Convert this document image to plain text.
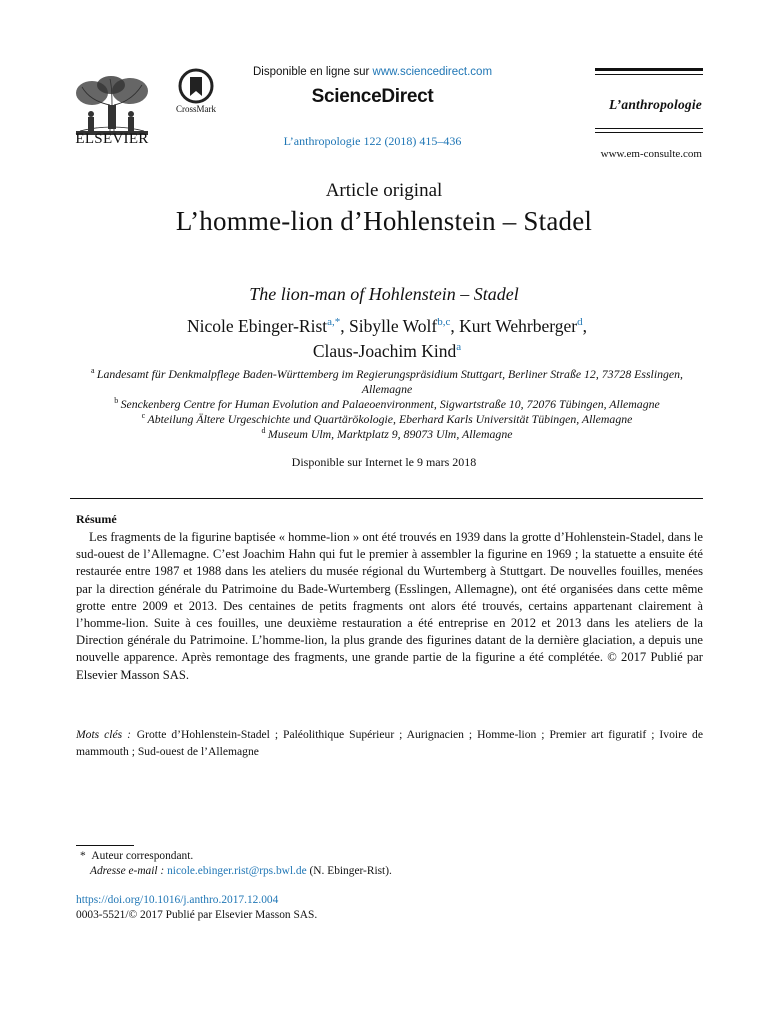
ELSEVIER
CrossMark
Disponible en ligne sur www.sciencedirect.com
ScienceDirect
L’anthropologie 122 (2018) 415–436
L’anthropologie
www.em-consulte.com
Article original
L’homme-lion d’Hohlenstein – Stadel
The lion-man of Hohlenstein – Stadel
Nicole Ebinger-Rist$^{a,*}$, Sibylle Wolf$^{b,c}$, Kurt Wehrberger$^d$,
Claus-Joachim Kind$^a$
$^a$  Landesamt für Denkmalpflege Baden-Württemberg im Regierungspräsidium Stuttgart, Berliner Straße 12, 73728 Esslingen, Allemagne
$^b$  Senckenberg Centre for Human Evolution and Palaeoenvironment, Sigwartstraße 10, 72076 Tübingen, Allemagne
$^c$  Abteilung Ältere Urgeschichte und Quartärökologie, Eberhard Karls Universität Tübingen, Allemagne
$^d$  Museum Ulm, Marktplatz 9, 89073 Ulm, Allemagne
Disponible sur Internet le 9 mars 2018
Résumé

Les fragments de la figurine baptisée « homme-lion » ont été trouvés en 1939 dans la grotte d’Hohlenstein-Stadel, dans le sud-ouest de l’Allemagne. C’est Joachim Hahn qui fut le premier à assembler la figurine en 1969 ; la statuette a ensuite été restaurée entre 1987 et 1988 dans les ateliers du musée régional du Wurtemberg à Stuttgart. De nouvelles fouilles, menées par la direction générale du Patrimoine du Bade-Wurtemberg (Esslingen, Allemagne), ont été organisées dans cette même grotte entre 2009 et 2013. Des centaines de petits fragments ont alors été trouvés, certains appartenant clairement à l’homme-lion. Suite à ces fouilles, une deuxième restauration a été entreprise en 2012 et 2013 dans les ateliers de la Direction générale du Patrimoine. L’homme-lion, la plus grande des figurines datant de la dernière glaciation, a depuis une nouvelle apparence. Après remontage des fragments, une grande partie de la figurine a été complétée. © 2017 Publié par Elsevier Masson SAS.

Mots clés :  Grotte d’Hohlenstein-Stadel ; Paléolithique Supérieur ; Aurignacien ; Homme-lion ; Premier art figuratif ; Ivoire de mammouth ; Sud-ouest de l’Allemagne

*  Auteur correspondant.
Adresse e-mail : nicole.ebinger.rist@rps.bwl.de (N. Ebinger-Rist).
https://doi.org/10.1016/j.anthro.2017.12.004
0003-5521/© 2017 Publié par Elsevier Masson SAS.
